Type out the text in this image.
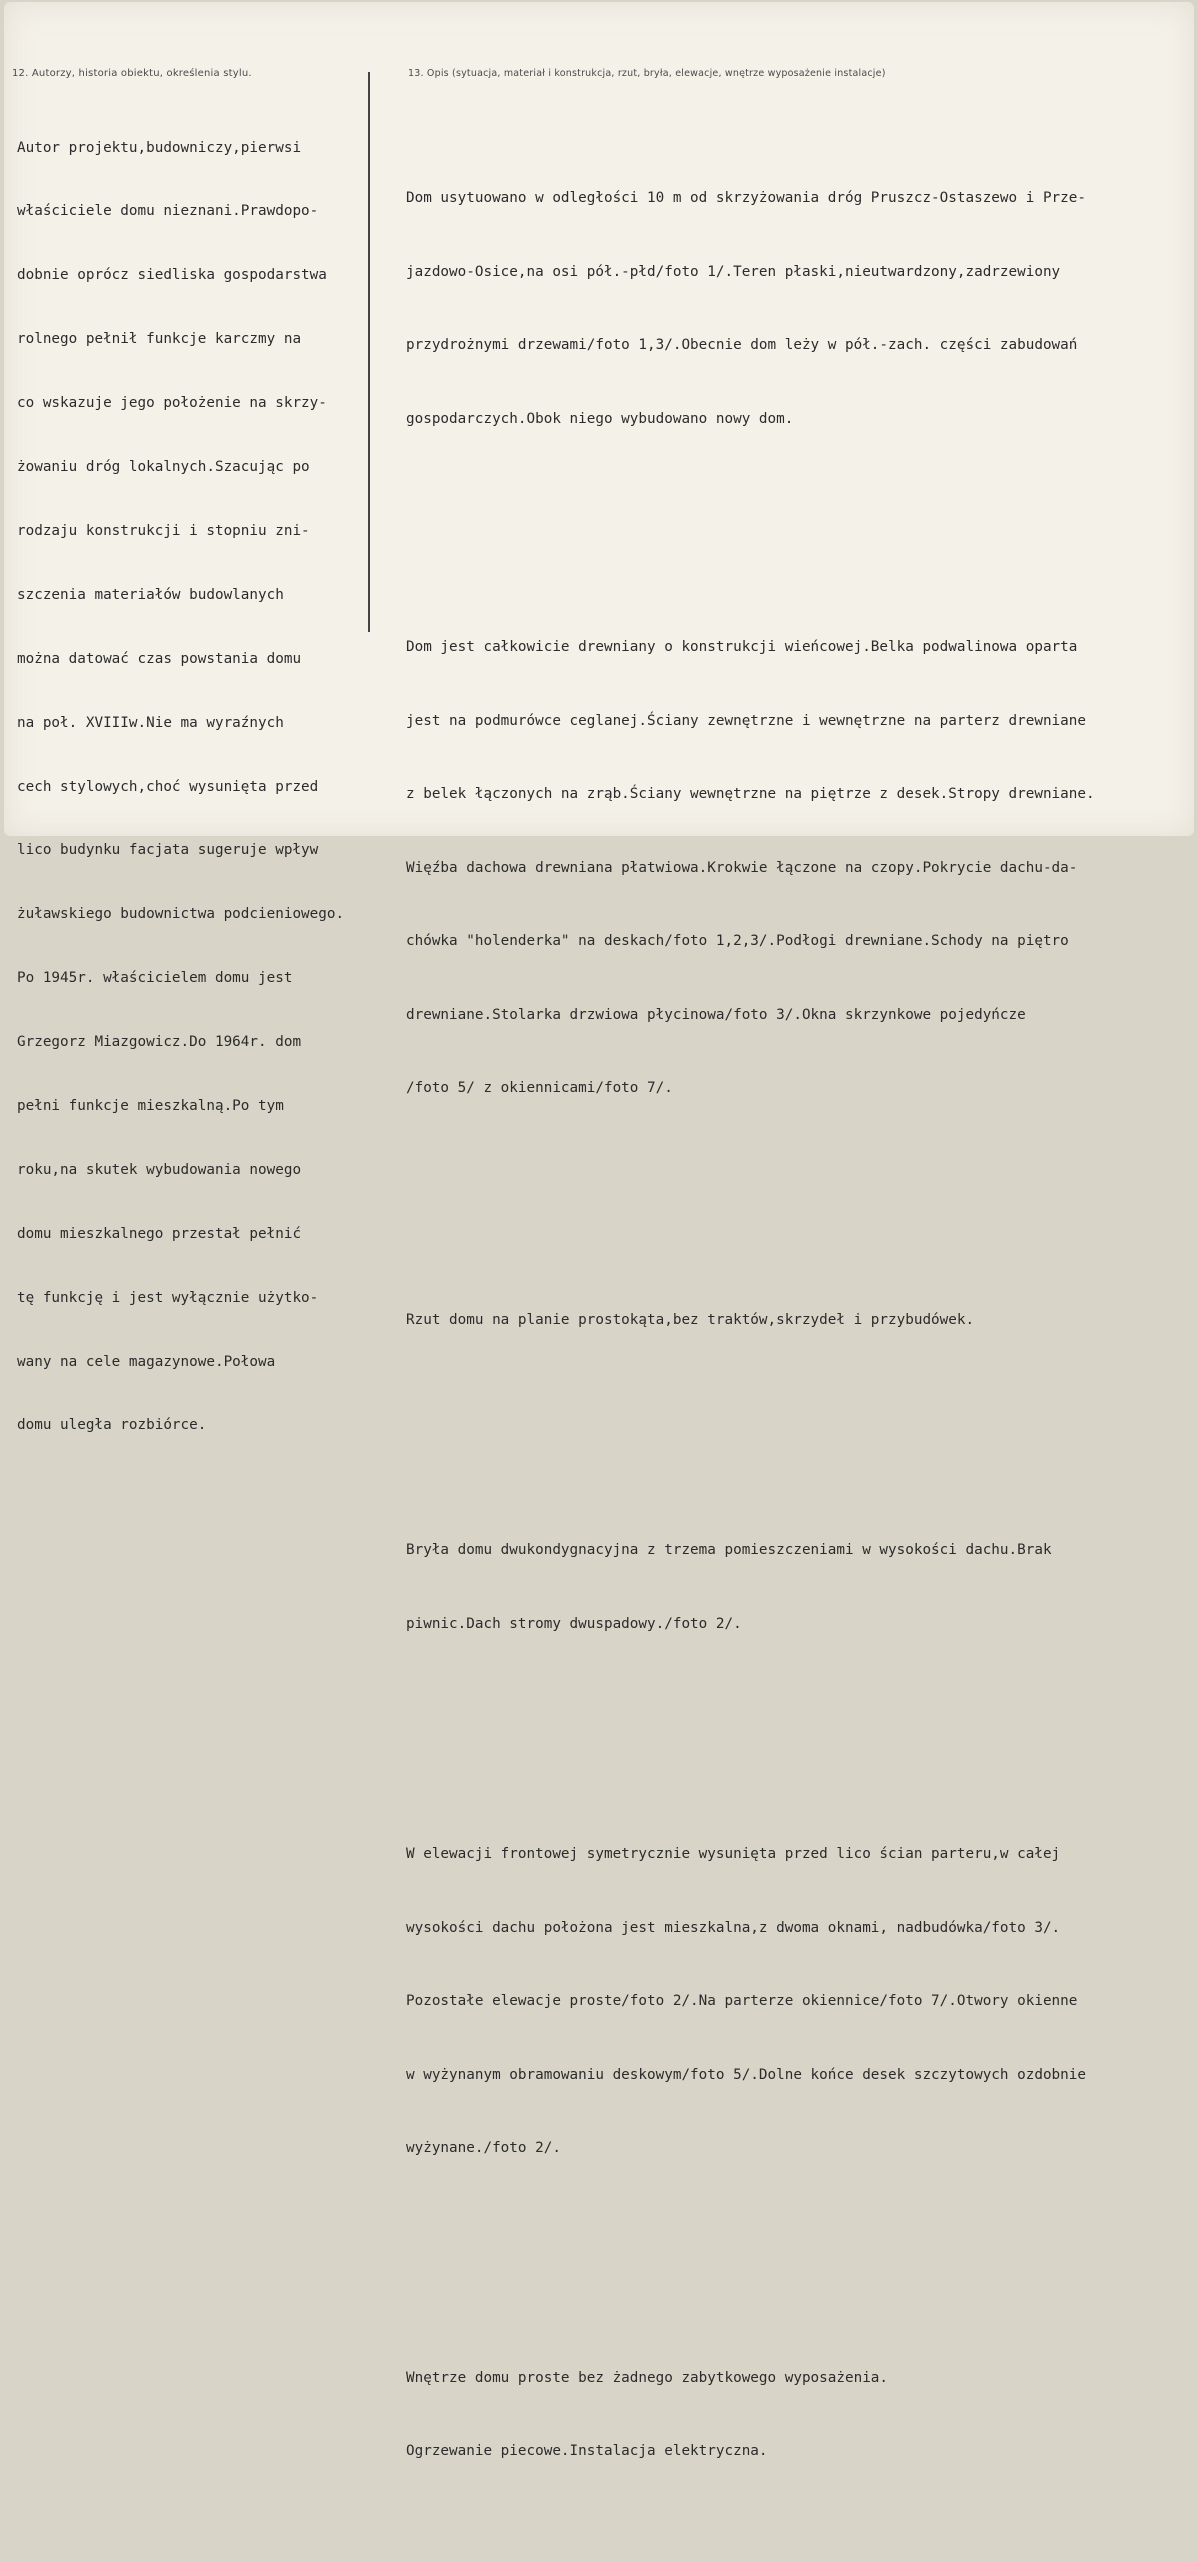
12. Autorzy, historia obiektu, określenia stylu.	13. Opis (sytuacja, materiał i konstrukcja, rzut, bryła, elewacje, wnętrze wyposażenie instalacje)

Autor projektu,budowniczy,pierwsi

właściciele domu nieznani.Prawdopo-

dobnie oprócz siedliska gospodarstwa

rolnego pełnił funkcje karczmy na

co wskazuje jego położenie na skrzy-

żowaniu dróg lokalnych.Szacując po

rodzaju konstrukcji i stopniu zni-

szczenia materiałów budowlanych

można datować czas powstania domu

na poł. XVIIIw.Nie ma wyraźnych

cech stylowych,choć wysunięta przed

lico budynku facjata sugeruje wpływ

żuławskiego budownictwa podcieniowego.

Po 1945r. właścicielem domu jest

Grzegorz Miazgowicz.Do 1964r. dom

pełni funkcje mieszkalną.Po tym

roku,na skutek wybudowania nowego

domu mieszkalnego przestał pełnić

tę funkcję i jest wyłącznie użytko-

wany na cele magazynowe.Połowa

domu uległa rozbiórce.

Dom usytuowano w odległości 10 m od skrzyżowania dróg Pruszcz-Ostaszewo i Prze-

jazdowo-Osice,na osi pół.-płd/foto 1/.Teren płaski,nieutwardzony,zadrzewiony

przydrożnymi drzewami/foto 1,3/.Obecnie dom leży w pół.-zach. części zabudowań

gospodarczych.Obok niego wybudowano nowy dom.

Dom jest całkowicie drewniany o konstrukcji wieńcowej.Belka podwalinowa oparta

jest na podmurówce ceglanej.Ściany zewnętrzne i wewnętrzne na parterz drewniane

z belek łączonych na zrąb.Ściany wewnętrzne na piętrze z desek.Stropy drewniane.

Więźba dachowa drewniana płatwiowa.Krokwie łączone na czopy.Pokrycie dachu-da-

chówka "holenderka" na deskach/foto 1,2,3/.Podłogi drewniane.Schody na piętro

drewniane.Stolarka drzwiowa płycinowa/foto 3/.Okna skrzynkowe pojedyńcze

/foto 5/ z okiennicami/foto 7/.

Rzut domu na planie prostokąta,bez traktów,skrzydeł i przybudówek.

Bryła domu dwukondygnacyjna z trzema pomieszczeniami w wysokości dachu.Brak

piwnic.Dach stromy dwuspadowy./foto 2/.

W elewacji frontowej symetrycznie wysunięta przed lico ścian parteru,w całej

wysokości dachu położona jest mieszkalna,z dwoma oknami, nadbudówka/foto 3/.

Pozostałe elewacje proste/foto 2/.Na parterze okiennice/foto 7/.Otwory okienne

w wyżynanym obramowaniu deskowym/foto 5/.Dolne końce desek szczytowych ozdobnie

wyżynane./foto 2/.

Wnętrze domu proste bez żadnego zabytkowego wyposażenia.

Ogrzewanie piecowe.Instalacja elektryczna.
